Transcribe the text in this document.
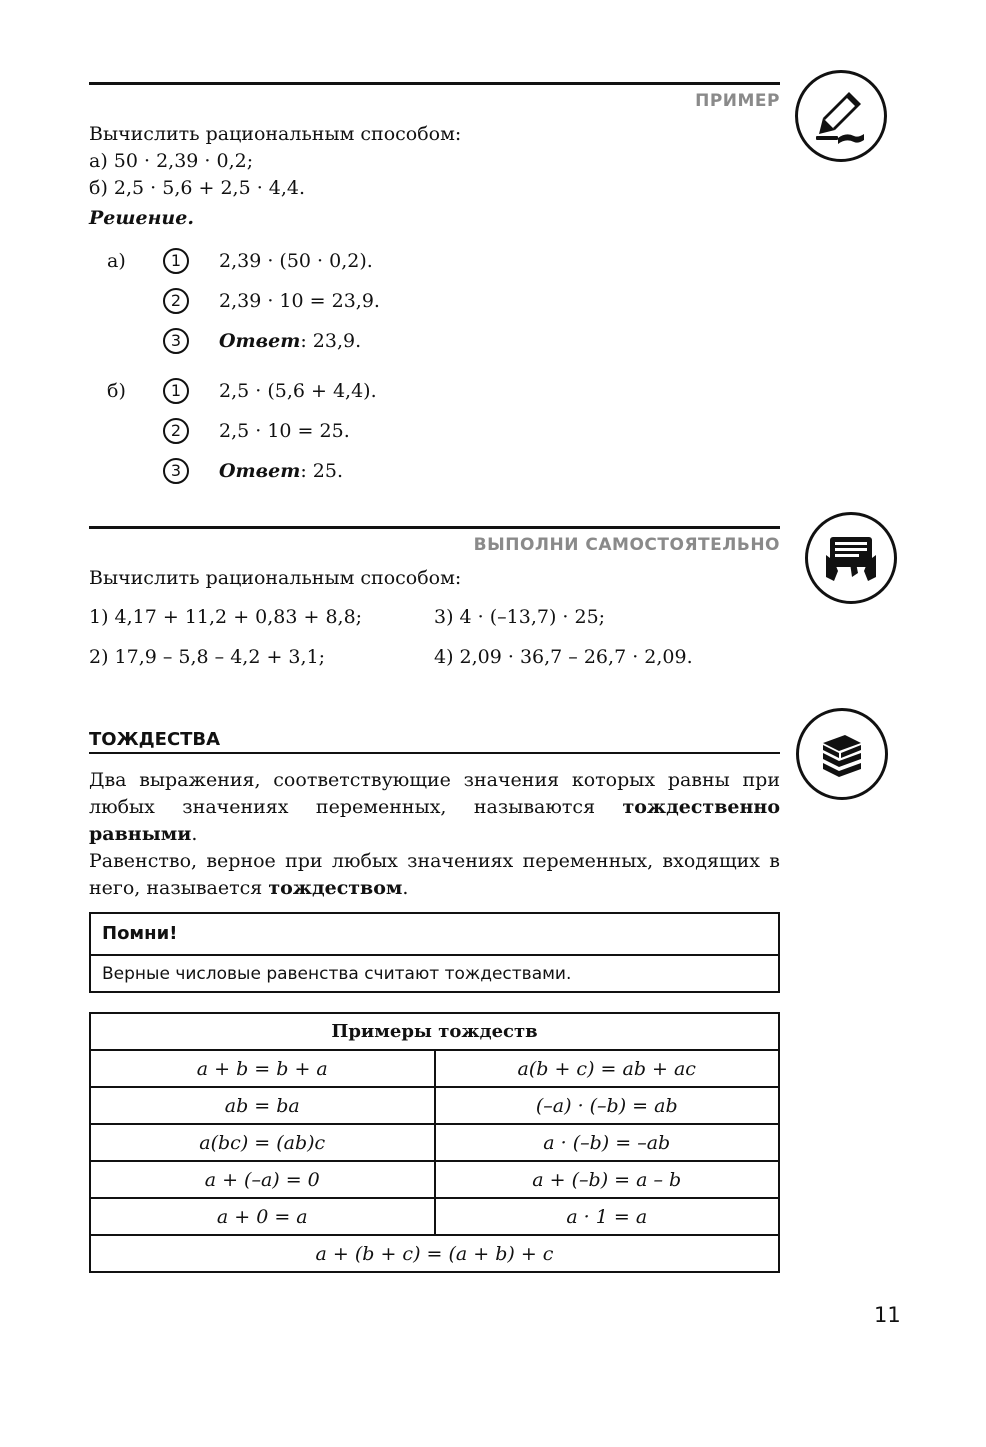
ПРИМЕР
Вычислить рациональным способом:
а) 50 · 2,39 · 0,2;
б) 2,5 · 5,6 + 2,5 · 4,4.
Решение.
а)	1	2,39 · (50 · 0,2).
2	2,39 · 10 = 23,9.
3	Ответ: 23,9.
б)	1	2,5 · (5,6 + 4,4).
2	2,5 · 10 = 25.
3	Ответ: 25.
ВЫПОЛНИ САМОСТОЯТЕЛЬНО
Вычислить рациональным способом:
1) 4,17 + 11,2 + 0,83 + 8,8;
2) 17,9 – 5,8 – 4,2 + 3,1;
3) 4 · (–13,7) · 25;
4) 2,09 · 36,7 – 26,7 · 2,09.
ТОЖДЕСТВА
Два выражения, соответствующие значения которых равны при любых значениях переменных, называются тождественно равными.
Равенство, верное при любых значениях переменных, входящих в него, называется тождеством.
Помни!
Верные числовые равенства считают тождествами.
Примеры тождеств	
a + b = b + a	a(b + c) = ab + ac
ab = ba	(–a) · (–b) = ab
a(bc) = (ab)c	a · (–b) = –ab
a + (–a) = 0	a + (–b) = a – b
a + 0 = a	a · 1 = a
a + (b + c) = (a + b) + c	
11
